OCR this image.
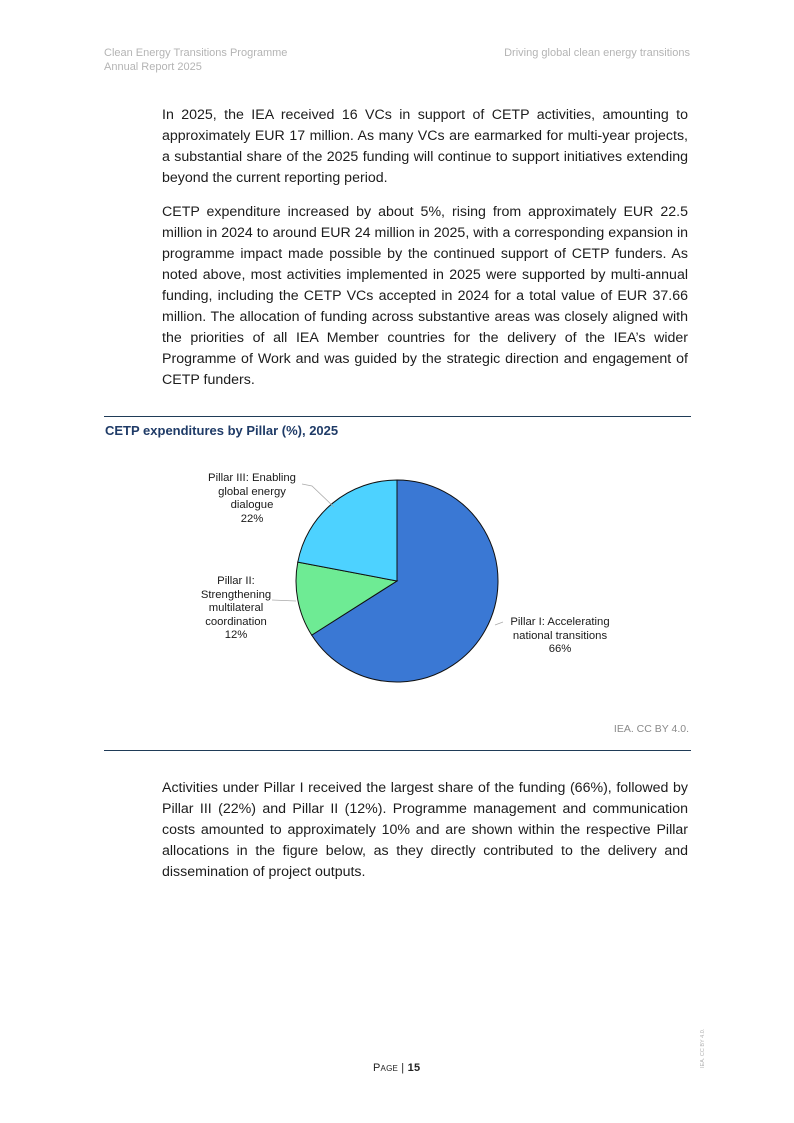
Clean Energy Transitions Programme
Annual Report 2025
Driving global clean energy transitions

In 2025, the IEA received 16 VCs in support of CETP activities, amounting to approximately EUR 17 million. As many VCs are earmarked for multi-year projects, a substantial share of the 2025 funding will continue to support initiatives extending beyond the current reporting period.

CETP expenditure increased by about 5%, rising from approximately EUR 22.5 million in 2024 to around EUR 24 million in 2025, with a corresponding expansion in programme impact made possible by the continued support of CETP funders. As noted above, most activities implemented in 2025 were supported by multi-annual funding, including the CETP VCs accepted in 2024 for a total value of EUR 37.66 million. The allocation of funding across substantive areas was closely aligned with the priorities of all IEA Member countries for the delivery of the IEA’s wider Programme of Work and was guided by the strategic direction and engagement of CETP funders.

CETP expenditures by Pillar (%), 2025
Pillar III: Enabling
global energy
dialogue
22%
Pillar II:
Strengthening
multilateral
coordination
12%
Pillar I: Accelerating
national transitions
66%
IEA. CC BY 4.0.

Activities under Pillar I received the largest share of the funding (66%), followed by Pillar III (22%) and Pillar II (12%). Programme management and communication costs amounted to approximately 10% and are shown within the respective Pillar allocations in the figure below, as they directly contributed to the delivery and dissemination of project outputs.

Page | 15	IEA. CC BY 4.0.
